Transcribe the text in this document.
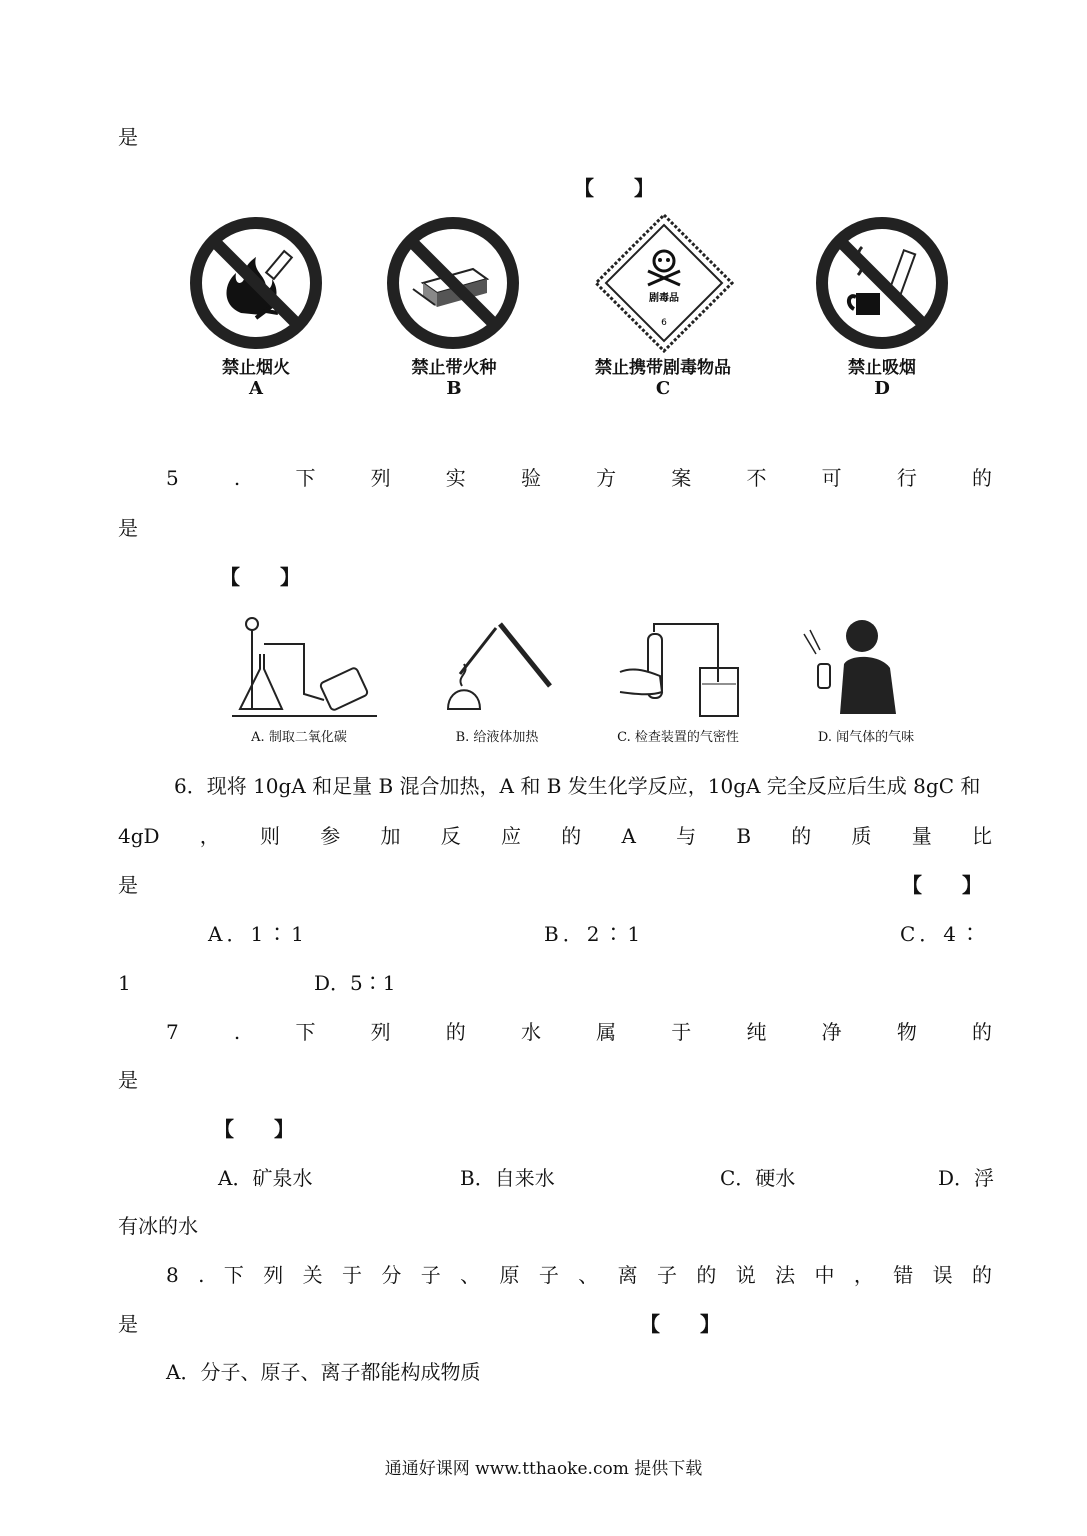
是
【　　】
禁止烟火
A
禁止带火种
B
剧毒品
6
禁止携带剧毒物品
C
禁止吸烟
D
5	.	下	列	实	验	方	案	不	可	行	的
是
【　　】
A. 制取二氧化碳	B. 给液体加热	C. 检查装置的气密性	D. 闻气体的气味
6．现将 10gA 和足量 B 混合加热，A 和 B 发生化学反应，10gA 完全反应后生成 8gC 和
4gD ， 则 参 加 反 应 的 A 与 B 的 质 量 比
是	【　　】
A．1∶1	B．2∶1	C．4∶
1	D．5∶1
7	.	下	列	的	水	属	于	纯	净	物	的
是
【　　】
A．矿泉水	B．自来水	C．硬水	D．浮
有冰的水
8 . 下 列 关 于 分 子 、 原 子 、 离 子 的 说 法 中 ， 错 误 的
是	【　　】
A．分子、原子、离子都能构成物质
通通好课网 www.tthaoke.com 提供下载
